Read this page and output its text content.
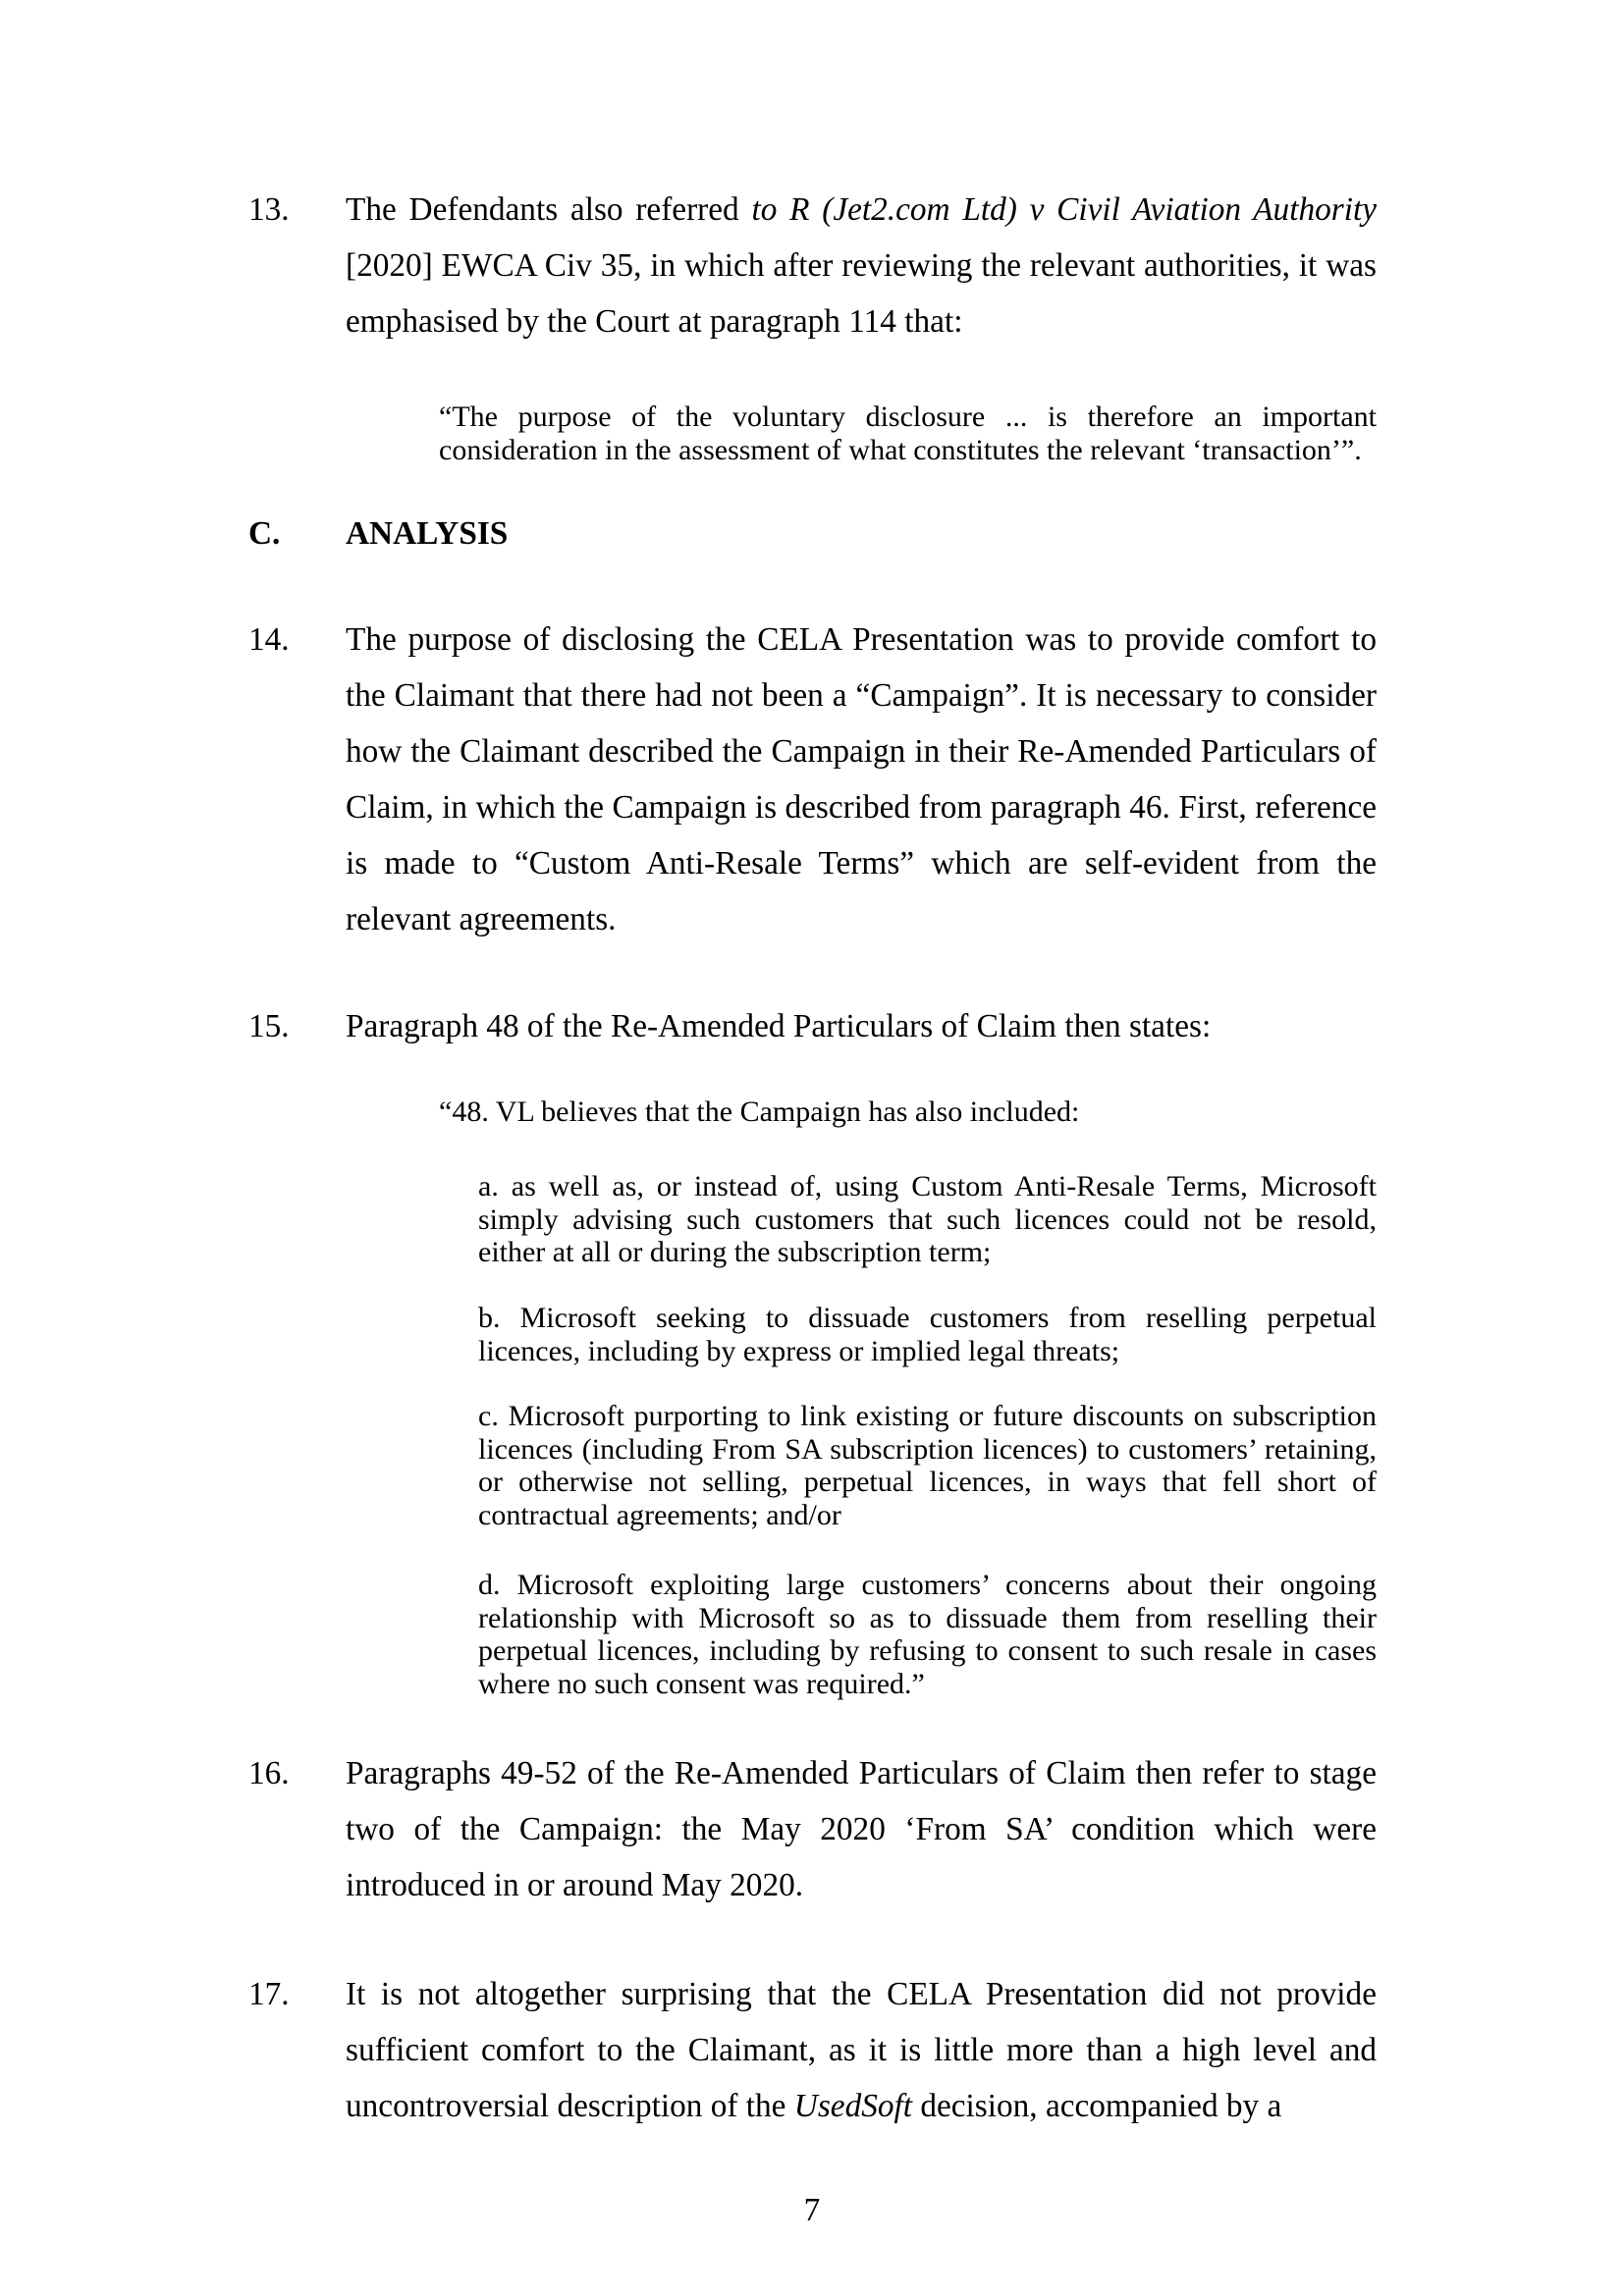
13.	The Defendants also referred to R (Jet2.com Ltd) v Civil Aviation Authority [2020] EWCA Civ 35, in which after reviewing the relevant authorities, it was emphasised by the Court at paragraph 114 that:
“The purpose of the voluntary disclosure ... is therefore an important consideration in the assessment of what constitutes the relevant ‘transaction’”.
C.	ANALYSIS
14.	The purpose of disclosing the CELA Presentation was to provide comfort to the Claimant that there had not been a “Campaign”. It is necessary to consider how the Claimant described the Campaign in their Re-Amended Particulars of Claim, in which the Campaign is described from paragraph 46. First, reference is made to “Custom Anti-Resale Terms” which are self-evident from the relevant agreements.
15.	Paragraph 48 of the Re-Amended Particulars of Claim then states:
“48. VL believes that the Campaign has also included:
a. as well as, or instead of, using Custom Anti-Resale Terms, Microsoft simply advising such customers that such licences could not be resold, either at all or during the subscription term;
b. Microsoft seeking to dissuade customers from reselling perpetual licences, including by express or implied legal threats;
c. Microsoft purporting to link existing or future discounts on subscription licences (including From SA subscription licences) to customers’ retaining, or otherwise not selling, perpetual licences, in ways that fell short of contractual agreements; and/or
d. Microsoft exploiting large customers’ concerns about their ongoing relationship with Microsoft so as to dissuade them from reselling their perpetual licences, including by refusing to consent to such resale in cases where no such consent was required.”
16.	Paragraphs 49-52 of the Re-Amended Particulars of Claim then refer to stage two of the Campaign: the May 2020 ‘From SA’ condition which were introduced in or around May 2020.
17.	It is not altogether surprising that the CELA Presentation did not provide sufficient comfort to the Claimant, as it is little more than a high level and uncontroversial description of the UsedSoft decision, accompanied by a
7
